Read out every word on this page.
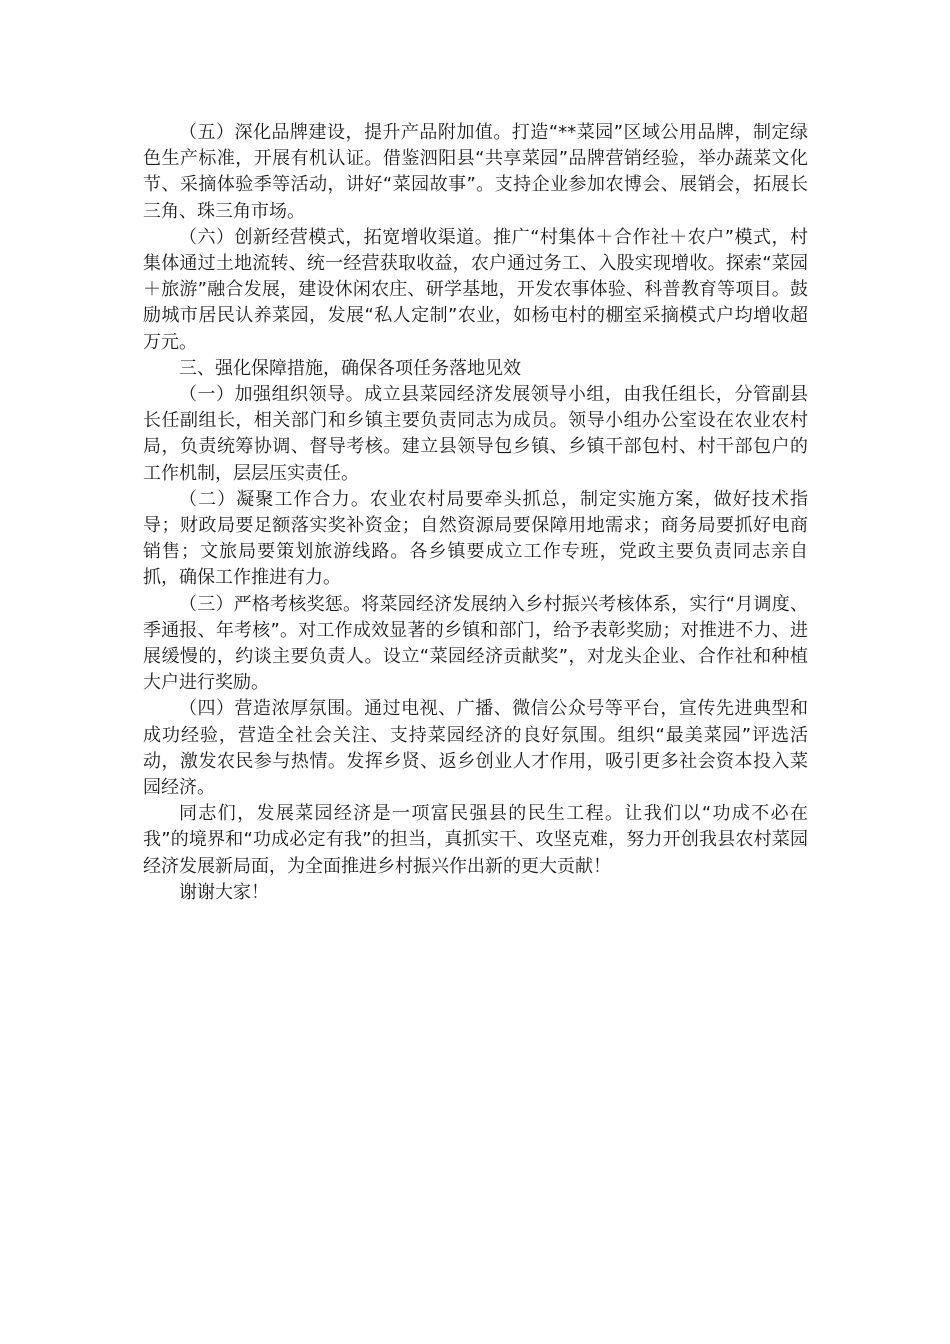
（五）深化品牌建设，提升产品附加值。打造“**菜园”区域公用品牌，制定绿色生产标准，开展有机认证。借鉴泗阳县“共享菜园”品牌营销经验，举办蔬菜文化节、采摘体验季等活动，讲好“菜园故事”。支持企业参加农博会、展销会，拓展长三角、珠三角市场。

（六）创新经营模式，拓宽增收渠道。推广“村集体＋合作社＋农户”模式，村集体通过土地流转、统一经营获取收益，农户通过务工、入股实现增收。探索“菜园＋旅游”融合发展，建设休闲农庄、研学基地，开发农事体验、科普教育等项目。鼓励城市居民认养菜园，发展“私人定制”农业，如杨屯村的棚室采摘模式户均增收超万元。

三、强化保障措施，确保各项任务落地见效

（一）加强组织领导。成立县菜园经济发展领导小组，由我任组长，分管副县长任副组长，相关部门和乡镇主要负责同志为成员。领导小组办公室设在农业农村局，负责统筹协调、督导考核。建立县领导包乡镇、乡镇干部包村、村干部包户的工作机制，层层压实责任。

（二）凝聚工作合力。农业农村局要牵头抓总，制定实施方案，做好技术指导；财政局要足额落实奖补资金；自然资源局要保障用地需求；商务局要抓好电商销售；文旅局要策划旅游线路。各乡镇要成立工作专班，党政主要负责同志亲自抓，确保工作推进有力。

（三）严格考核奖惩。将菜园经济发展纳入乡村振兴考核体系，实行“月调度、季通报、年考核”。对工作成效显著的乡镇和部门，给予表彰奖励；对推进不力、进展缓慢的，约谈主要负责人。设立“菜园经济贡献奖”，对龙头企业、合作社和种植大户进行奖励。

（四）营造浓厚氛围。通过电视、广播、微信公众号等平台，宣传先进典型和成功经验，营造全社会关注、支持菜园经济的良好氛围。组织“最美菜园”评选活动，激发农民参与热情。发挥乡贤、返乡创业人才作用，吸引更多社会资本投入菜园经济。

同志们，发展菜园经济是一项富民强县的民生工程。让我们以“功成不必在我”的境界和“功成必定有我”的担当，真抓实干、攻坚克难，努力开创我县农村菜园经济发展新局面，为全面推进乡村振兴作出新的更大贡献！

谢谢大家！
